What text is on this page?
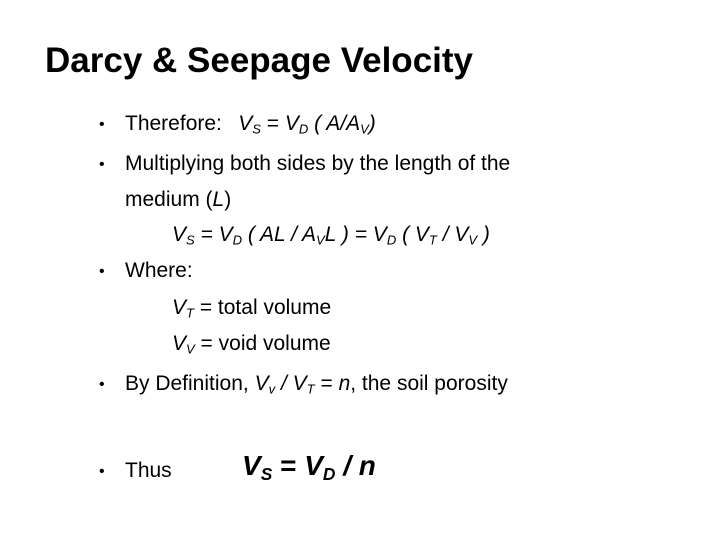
Darcy & Seepage Velocity
• Therefore: $V_S = V_D$ ( $A/A_V$)
• Multiplying both sides by the length of the
medium (L)
$V_S = V_D$ ( AL / $A_VL$ ) = $V_D$ ( $V_T / V_V$ )
• Where:
$V_T$ = total volume
$V_V$ = void volume
• By Definition, $V_v / V_T = n$, the soil porosity
• Thus	$V_S = V_D / n$
